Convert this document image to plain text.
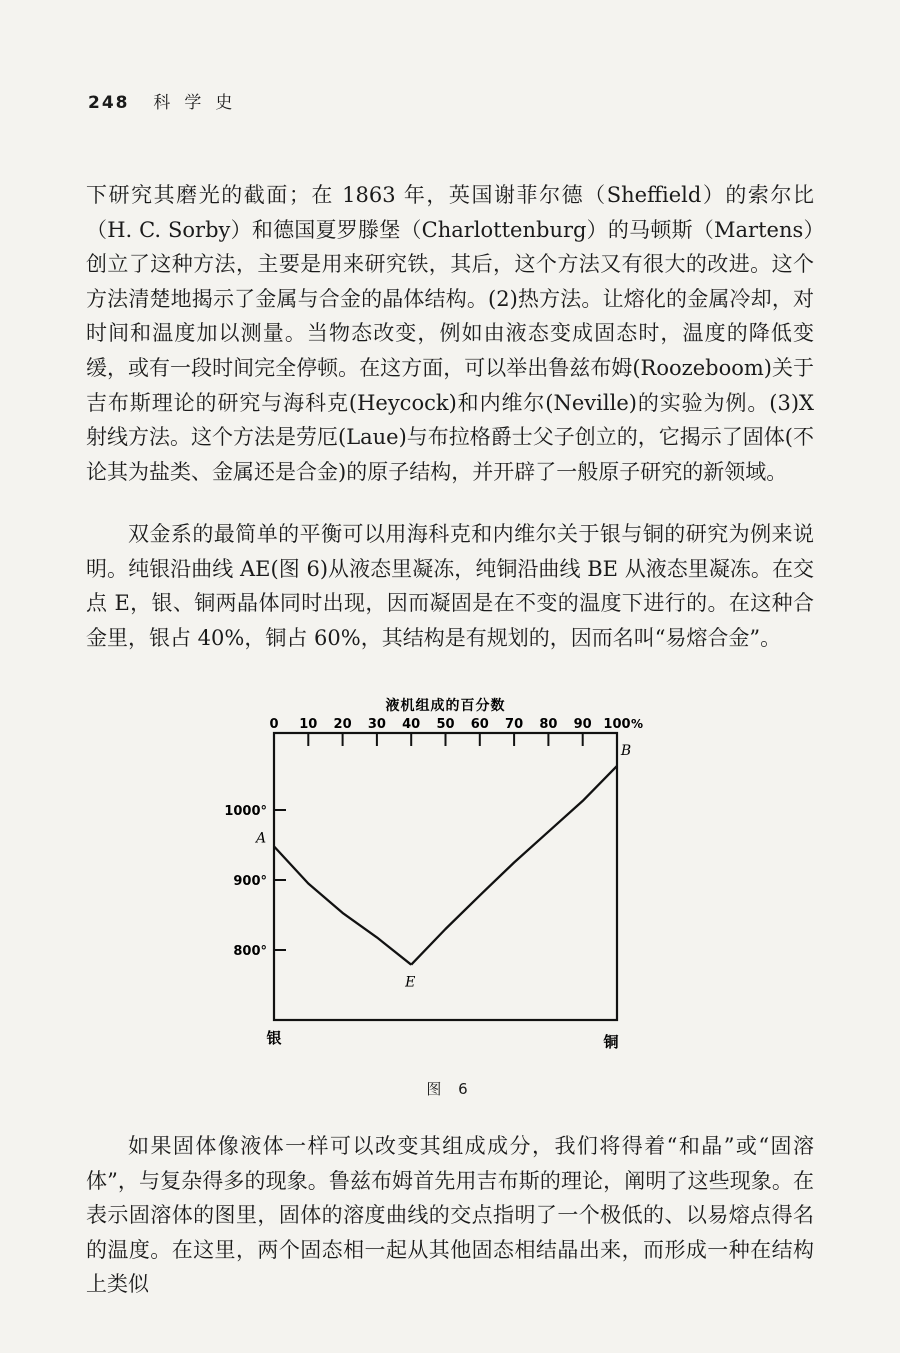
248 科学史

下研究其磨光的截面；在 1863 年，英国谢菲尔德（Sheffield）的索尔比（H. C. Sorby）和德国夏罗滕堡（Charlottenburg）的马顿斯（Martens）创立了这种方法，主要是用来研究铁，其后，这个方法又有很大的改进。这个方法清楚地揭示了金属与合金的晶体结构。(2)热方法。让熔化的金属冷却，对时间和温度加以测量。当物态改变，例如由液态变成固态时，温度的降低变缓，或有一段时间完全停顿。在这方面，可以举出鲁兹布姆(Roozeboom)关于吉布斯理论的研究与海科克(Heycock)和内维尔(Neville)的实验为例。(3)X 射线方法。这个方法是劳厄(Laue)与布拉格爵士父子创立的，它揭示了固体(不论其为盐类、金属还是合金)的原子结构，并开辟了一般原子研究的新领域。

双金系的最简单的平衡可以用海科克和内维尔关于银与铜的研究为例来说明。纯银沿曲线 AE(图 6)从液态里凝冻，纯铜沿曲线 BE 从液态里凝冻。在交点 E，银、铜两晶体同时出现，因而凝固是在不变的温度下进行的。在这种合金里，银占 40%，铜占 60%，其结构是有规划的，因而名叫“易熔合金”。

液机组成的百分数
0 10 20 30 40 50 60 70 80 90 100 %
800°
900°
1000°
A
B
E
银	铜
图 6

如果固体像液体一样可以改变其组成成分，我们将得着“和晶”或“固溶体”，与复杂得多的现象。鲁兹布姆首先用吉布斯的理论，阐明了这些现象。在表示固溶体的图里，固体的溶度曲线的交点指明了一个极低的、以易熔点得名的温度。在这里，两个固态相一起从其他固态相结晶出来，而形成一种在结构上类似
